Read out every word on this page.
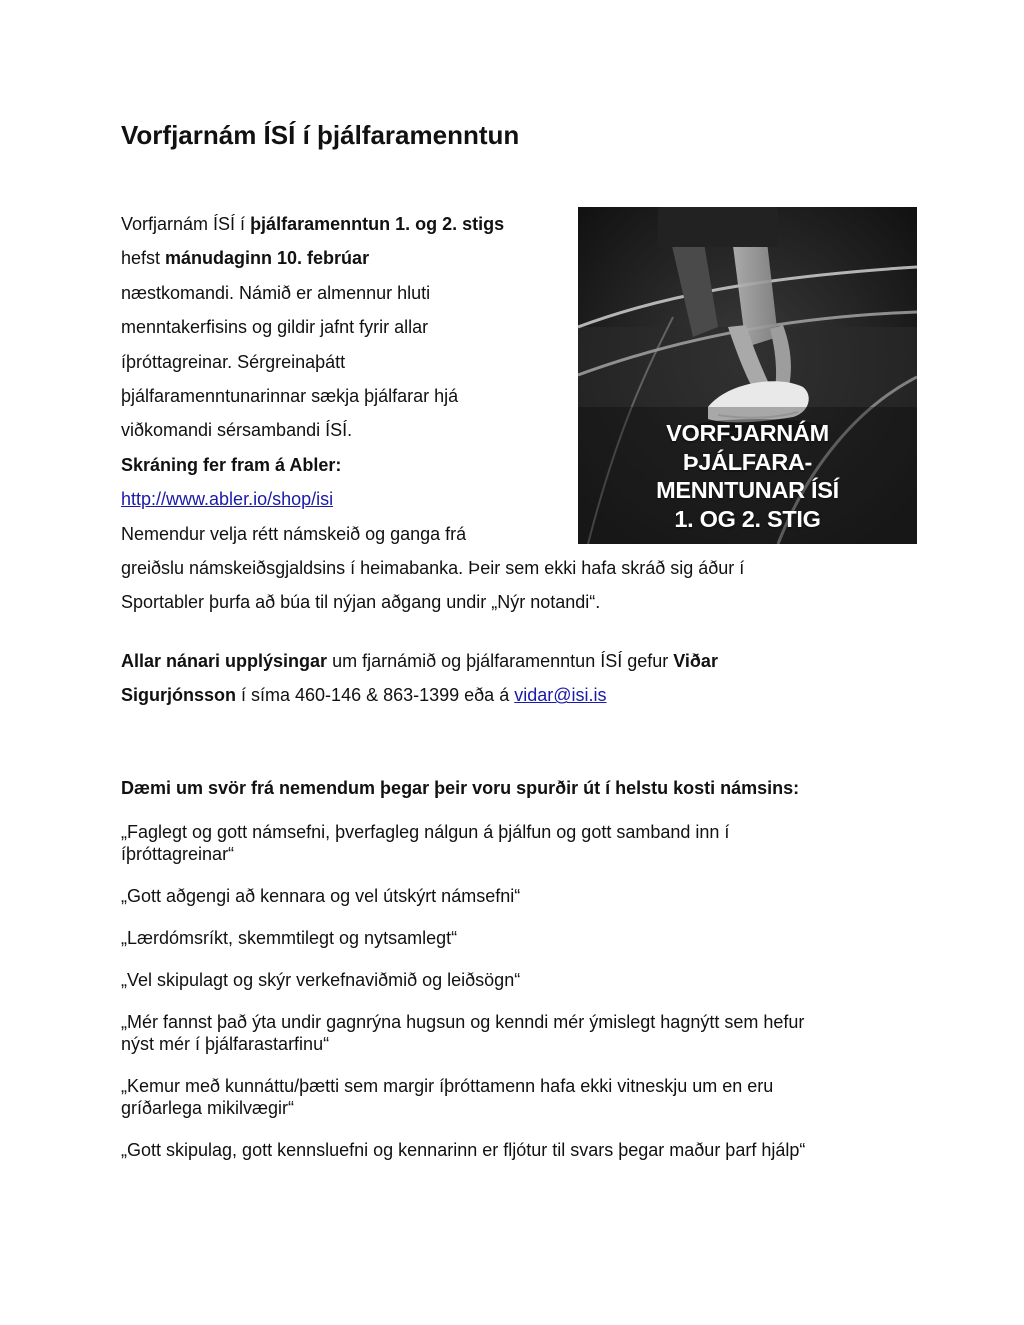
Vorfjarnám ÍSÍ í þjálfaramenntun
Vorfjarnám ÍSÍ í þjálfaramenntun 1. og 2. stigs
hefst mánudaginn 10. febrúar
næstkomandi. Námið er almennur hluti
menntakerfisins og gildir jafnt fyrir allar
íþróttagreinar. Sérgreinaþátt
þjálfaramenntunarinnar sækja þjálfarar hjá
viðkomandi sérsambandi ÍSÍ.
Skráning fer fram á Abler:
http://www.abler.io/shop/isi
Nemendur velja rétt námskeið og ganga frá
greiðslu námskeiðsgjaldsins í heimabanka. Þeir sem ekki hafa skráð sig áður í
Sportabler þurfa að búa til nýjan aðgang undir „Nýr notandi“.
VORFJARNÁM
ÞJÁLFARA-
MENNTUNAR ÍSÍ
1. OG 2. STIG
Allar nánari upplýsingar um fjarnámið og þjálfaramenntun ÍSÍ gefur Viðar
Sigurjónsson í síma 460-146 & 863-1399 eða á vidar@isi.is
Dæmi um svör frá nemendum þegar þeir voru spurðir út í helstu kosti námsins:
„Faglegt og gott námsefni, þverfagleg nálgun á þjálfun og gott samband inn í
íþróttagreinar“
„Gott aðgengi að kennara og vel útskýrt námsefni“
„Lærdómsríkt, skemmtilegt og nytsamlegt“
„Vel skipulagt og skýr verkefnaviðmið og leiðsögn“
„Mér fannst það ýta undir gagnrýna hugsun og kenndi mér ýmislegt hagnýtt sem hefur
nýst mér í þjálfarastarfinu“
„Kemur með kunnáttu/þætti sem margir íþróttamenn hafa ekki vitneskju um en eru
gríðarlega mikilvægir“
„Gott skipulag, gott kennsluefni og kennarinn er fljótur til svars þegar maður þarf hjálp“
